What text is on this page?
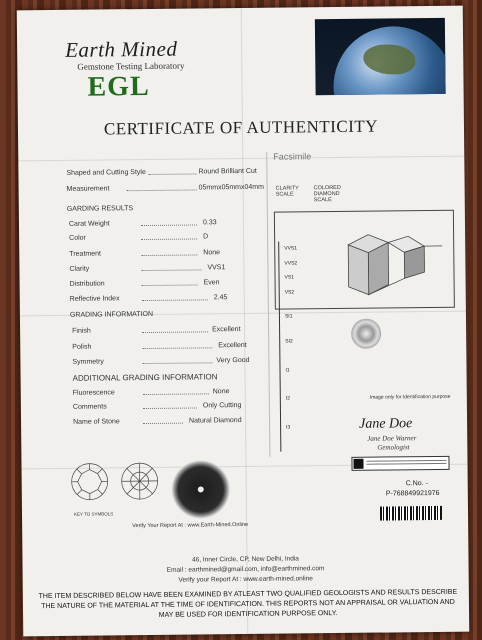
Earth Mined
Gemstone Testing Laboratory
EGL
CERTIFICATE OF AUTHENTICITY
Shaped and Cutting Style	Round Brilliant Cut
Measurement	05mmx05mmx04mm
GARDING RESULTS
Carat Weight	0.33
Color	D
Treatment	None
Clarity	VVS1
Distribution	Even
Reflective Index	2.45
GRADING INFORMATION
Finish	Excellent
Polish	Excellent
Symmetry	Very Good
ADDITIONAL GRADING INFORMATION
Fluorescence	None
Comments	Only Cutting
Name of Stone	Natural Diamond
Facsimile
CLARITY SCALE
COLORED DIAMOND SCALE
VVS1
VVS2
VS1
VS2
SI1
SI2
I1
I2
I3
Image only for Identification purpose
Jane Doe
Jane Doe Warner
Gemologist
C.No. -
P-768849921976
KEY TO SYMBOLS
Verify Your Report At : www.Earth-Mined.Online
46, Inner Circle, CP, New Delhi, India
Email : earthmined@gmail.com, info@earthmined.com
Verify your Report At : www.earth-mined.online
THE ITEM DESCRIBED BELOW HAVE BEEN EXAMINED BY ATLEAST TWO QUALIFIED GEOLOGISTS AND RESULTS DESCRIBE THE NATURE OF THE MATERIAL AT THE TIME OF IDENTIFICATION. THIS REPORTS NOT AN APPRAISAL OR VALUATION AND MAY BE USED FOR IDENTIFICATION PURPOSE ONLY.
